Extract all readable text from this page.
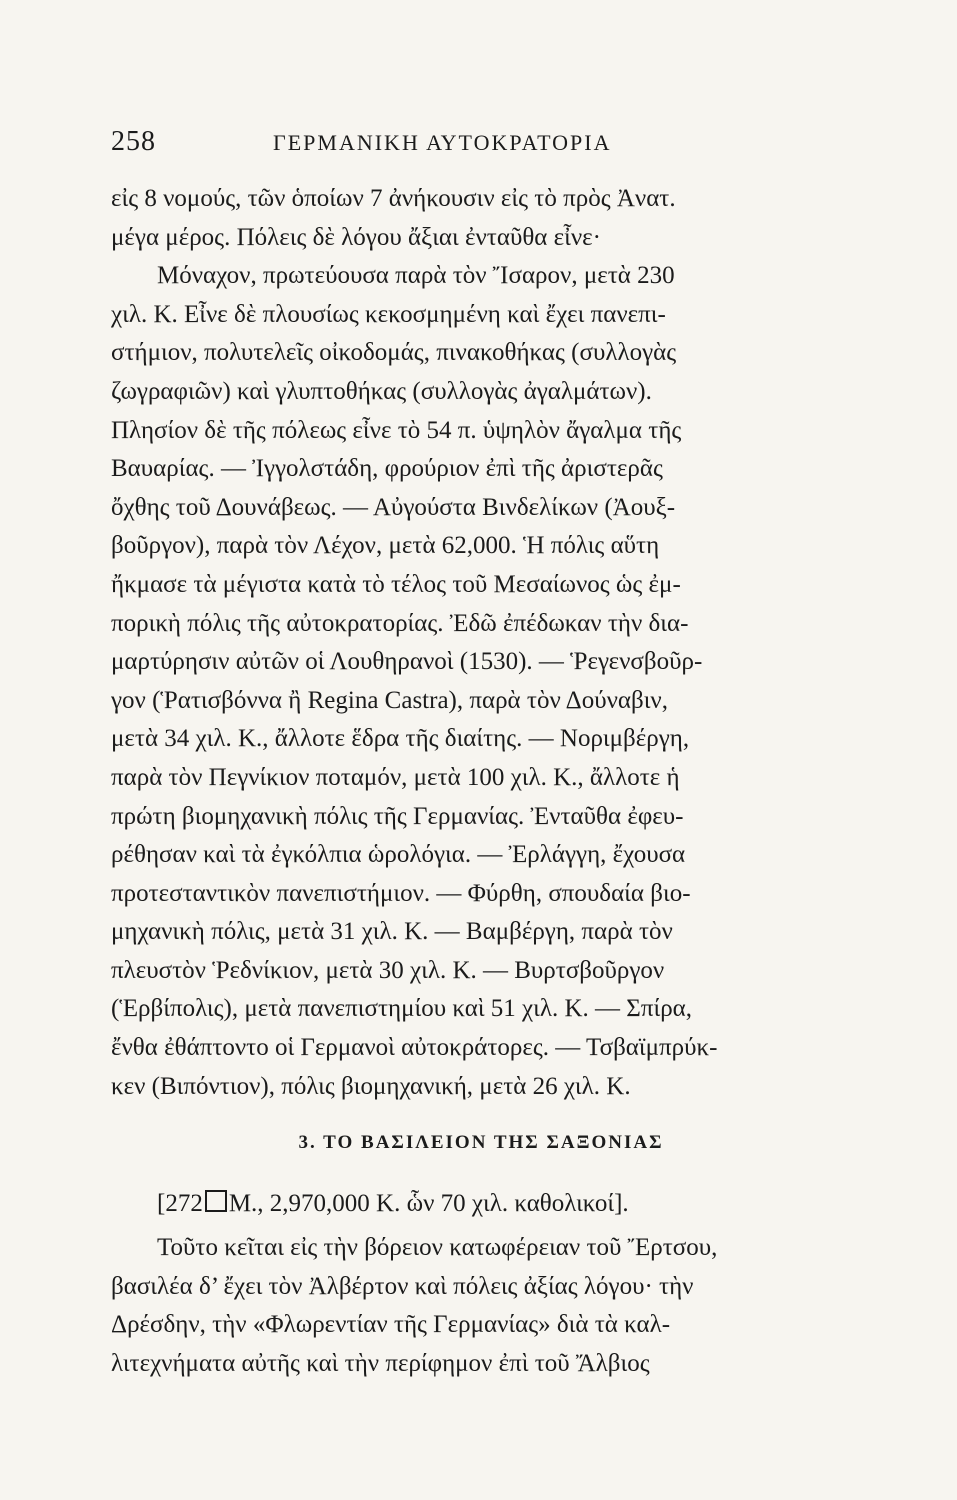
258	ΓΕΡΜΑΝΙΚΗ ΑΥΤΟΚΡΑΤΟΡΙΑ
εἰς 8 νομούς, τῶν ὁποίων 7 ἀνήκουσιν εἰς τὸ πρὸς Ἀνατ.
μέγα μέρος. Πόλεις δὲ λόγου ἄξιαι ἐνταῦθα εἶνε·
Μόναχον, πρωτεύουσα παρὰ τὸν Ἴσαρον, μετὰ 230
χιλ. Κ. Εἶνε δὲ πλουσίως κεκοσμημένη καὶ ἔχει πανεπι-
στήμιον, πολυτελεῖς οἰκοδομάς, πινακοθήκας (συλλογὰς
ζωγραφιῶν) καὶ γλυπτοθήκας (συλλογὰς ἀγαλμάτων).
Πλησίον δὲ τῆς πόλεως εἶνε τὸ 54 π. ὑψηλὸν ἄγαλμα τῆς
Βαυαρίας. — Ἰγγολστάδη, φρούριον ἐπὶ τῆς ἀριστερᾶς
ὄχθης τοῦ Δουνάβεως. — Αὐγούστα Βινδελίκων (Ἀουξ-
βοῦργον), παρὰ τὸν Λέχον, μετὰ 62,000. Ἡ πόλις αὕτη
ἤκμασε τὰ μέγιστα κατὰ τὸ τέλος τοῦ Μεσαίωνος ὡς ἐμ-
πορικὴ πόλις τῆς αὐτοκρατορίας. Ἐδῶ ἐπέδωκαν τὴν δια-
μαρτύρησιν αὐτῶν οἱ Λουθηρανοὶ (1530). — Ῥεγενσβοῦρ-
γον (Ῥατισβόννα ἢ Regina Castra), παρὰ τὸν Δούναβιν,
μετὰ 34 χιλ. Κ., ἄλλοτε ἕδρα τῆς διαίτης. — Νοριμβέργη,
παρὰ τὸν Πεγνίκιον ποταμόν, μετὰ 100 χιλ. Κ., ἄλλοτε ἡ
πρώτη βιομηχανικὴ πόλις τῆς Γερμανίας. Ἐνταῦθα ἐφευ-
ρέθησαν καὶ τὰ ἐγκόλπια ὡρολόγια. — Ἐρλάγγη, ἔχουσα
προτεσταντικὸν πανεπιστήμιον. — Φύρθη, σπουδαία βιο-
μηχανικὴ πόλις, μετὰ 31 χιλ. Κ. — Βαμβέργη, παρὰ τὸν
πλευστὸν Ῥεδνίκιον, μετὰ 30 χιλ. Κ. — Βυρτσβοῦργον
(Ἑρβίπολις), μετὰ πανεπιστημίου καὶ 51 χιλ. Κ. — Σπίρα,
ἔνθα ἐθάπτοντο οἱ Γερμανοὶ αὐτοκράτορες. — Τσβαϊμπρύκ-
κεν (Βιπόντιον), πόλις βιομηχανική, μετὰ 26 χιλ. Κ.
3. ΤΟ ΒΑΣΙΛΕΙΟΝ ΤΗΣ ΣΑΞΟΝΙΑΣ
[272 Μ., 2,970,000 Κ. ὧν 70 χιλ. καθολικοί].
Τοῦτο κεῖται εἰς τὴν βόρειον κατωφέρειαν τοῦ Ἔρτσου,
βασιλέα δ’ ἔχει τὸν Ἀλβέρτον καὶ πόλεις ἀξίας λόγου· τὴν
Δρέσδην, τὴν «Φλωρεντίαν τῆς Γερμανίας» διὰ τὰ καλ-
λιτεχνήματα αὐτῆς καὶ τὴν περίφημον ἐπὶ τοῦ Ἄλβιος
